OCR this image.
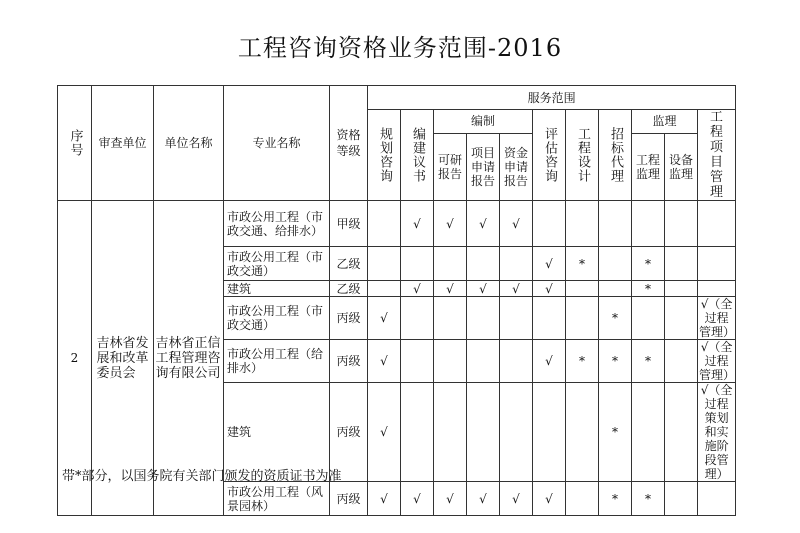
工程咨询资格业务范围-2016
序号	审查单位	单位名称	专业名称	资格等级	服务范围										

					规划咨询	编建议书	编制			评估咨询	工程设计	招标代理	监理		工程项目管理

							可研报告	项目申请报告	资金申请报告				工程监理	设备监理	

2	吉林省发展和改革委员会	吉林省正信工程管理咨询有限公司	市政公用工程（市政交通、给排水）	甲级		√	√	√	√						
			市政公用工程（市政交通）	乙级						√	*		*		
			建筑	乙级		√	√	√	√	√			*		
			市政公用工程（市政交通）	丙级	√							*			√（全过程管理）
			市政公用工程（给排水）	丙级	√					√	*	*	*		√（全过程管理）
			建筑	丙级	√							*			√（全过程策划和实施阶段管理）
			市政公用工程（风景园林）	丙级	√	√	√	√	√	√		*	*		
带*部分，以国务院有关部门颁发的资质证书为准
